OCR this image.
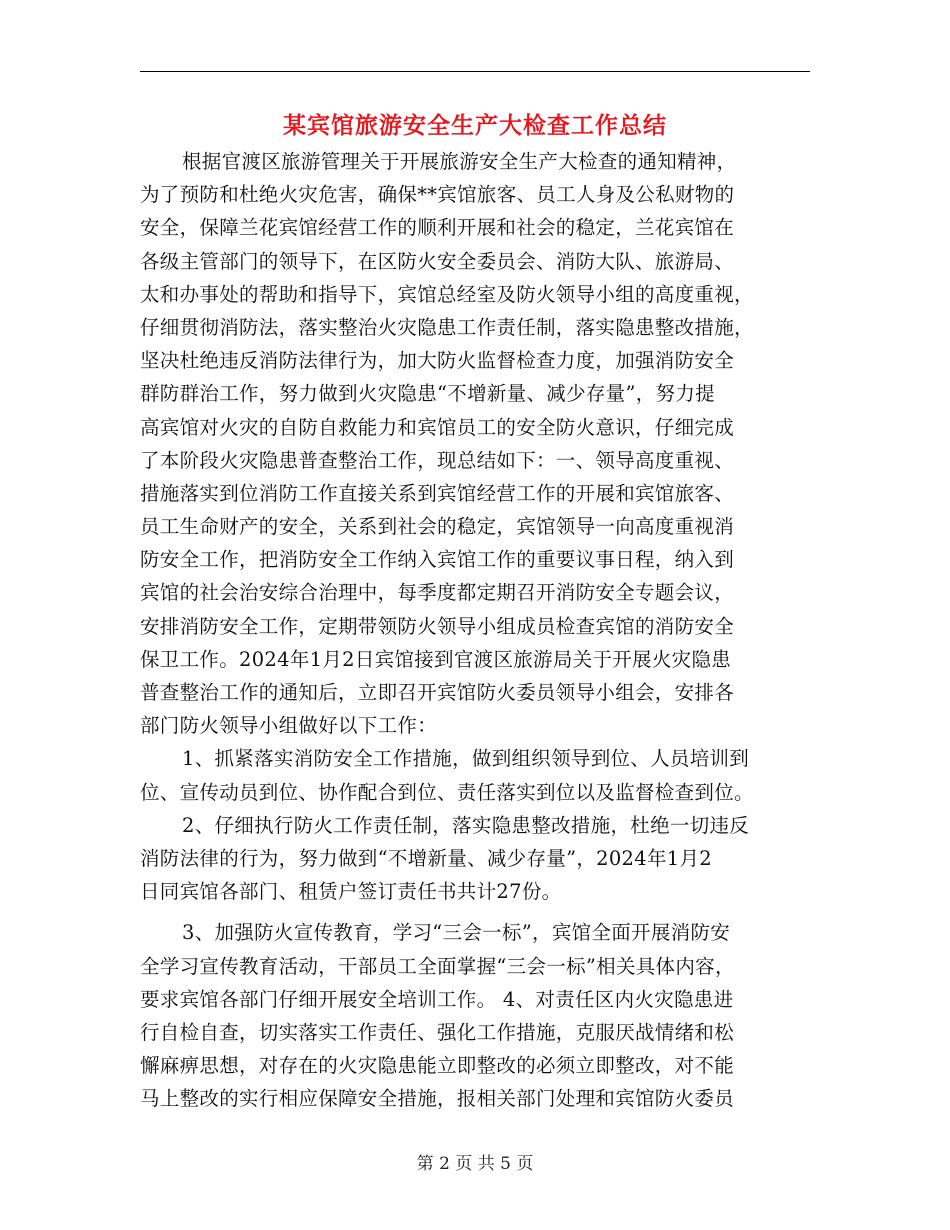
某宾馆旅游安全生产大检查工作总结
根据官渡区旅游管理关于开展旅游安全生产大检查的通知精神，
为了预防和杜绝火灾危害，确保**宾馆旅客、员工人身及公私财物的
安全，保障兰花宾馆经营工作的顺利开展和社会的稳定，兰花宾馆在
各级主管部门的领导下，在区防火安全委员会、消防大队、旅游局、
太和办事处的帮助和指导下，宾馆总经室及防火领导小组的高度重视，
仔细贯彻消防法，落实整治火灾隐患工作责任制，落实隐患整改措施，
坚决杜绝违反消防法律行为，加大防火监督检查力度，加强消防安全
群防群治工作，努力做到火灾隐患“不增新量、减少存量”，努力提
高宾馆对火灾的自防自救能力和宾馆员工的安全防火意识，仔细完成
了本阶段火灾隐患普查整治工作，现总结如下：一、领导高度重视、
措施落实到位消防工作直接关系到宾馆经营工作的开展和宾馆旅客、
员工生命财产的安全，关系到社会的稳定，宾馆领导一向高度重视消
防安全工作，把消防安全工作纳入宾馆工作的重要议事日程，纳入到
宾馆的社会治安综合治理中，每季度都定期召开消防安全专题会议，
安排消防安全工作，定期带领防火领导小组成员检查宾馆的消防安全
保卫工作。2024年1月2日宾馆接到官渡区旅游局关于开展火灾隐患
普查整治工作的通知后，立即召开宾馆防火委员领导小组会，安排各
部门防火领导小组做好以下工作：
1、抓紧落实消防安全工作措施，做到组织领导到位、人员培训到
位、宣传动员到位、协作配合到位、责任落实到位以及监督检查到位。
2、仔细执行防火工作责任制，落实隐患整改措施，杜绝一切违反
消防法律的行为，努力做到“不增新量、减少存量”，2024年1月2
日同宾馆各部门、租赁户签订责任书共计27份。
3、加强防火宣传教育，学习“三会一标”，宾馆全面开展消防安
全学习宣传教育活动，干部员工全面掌握“三会一标”相关具体内容，
要求宾馆各部门仔细开展安全培训工作。 4、对责任区内火灾隐患进
行自检自查，切实落实工作责任、强化工作措施，克服厌战情绪和松
懈麻痹思想，对存在的火灾隐患能立即整改的必须立即整改，对不能
马上整改的实行相应保障安全措施，报相关部门处理和宾馆防火委员
第 2 页 共 5 页
